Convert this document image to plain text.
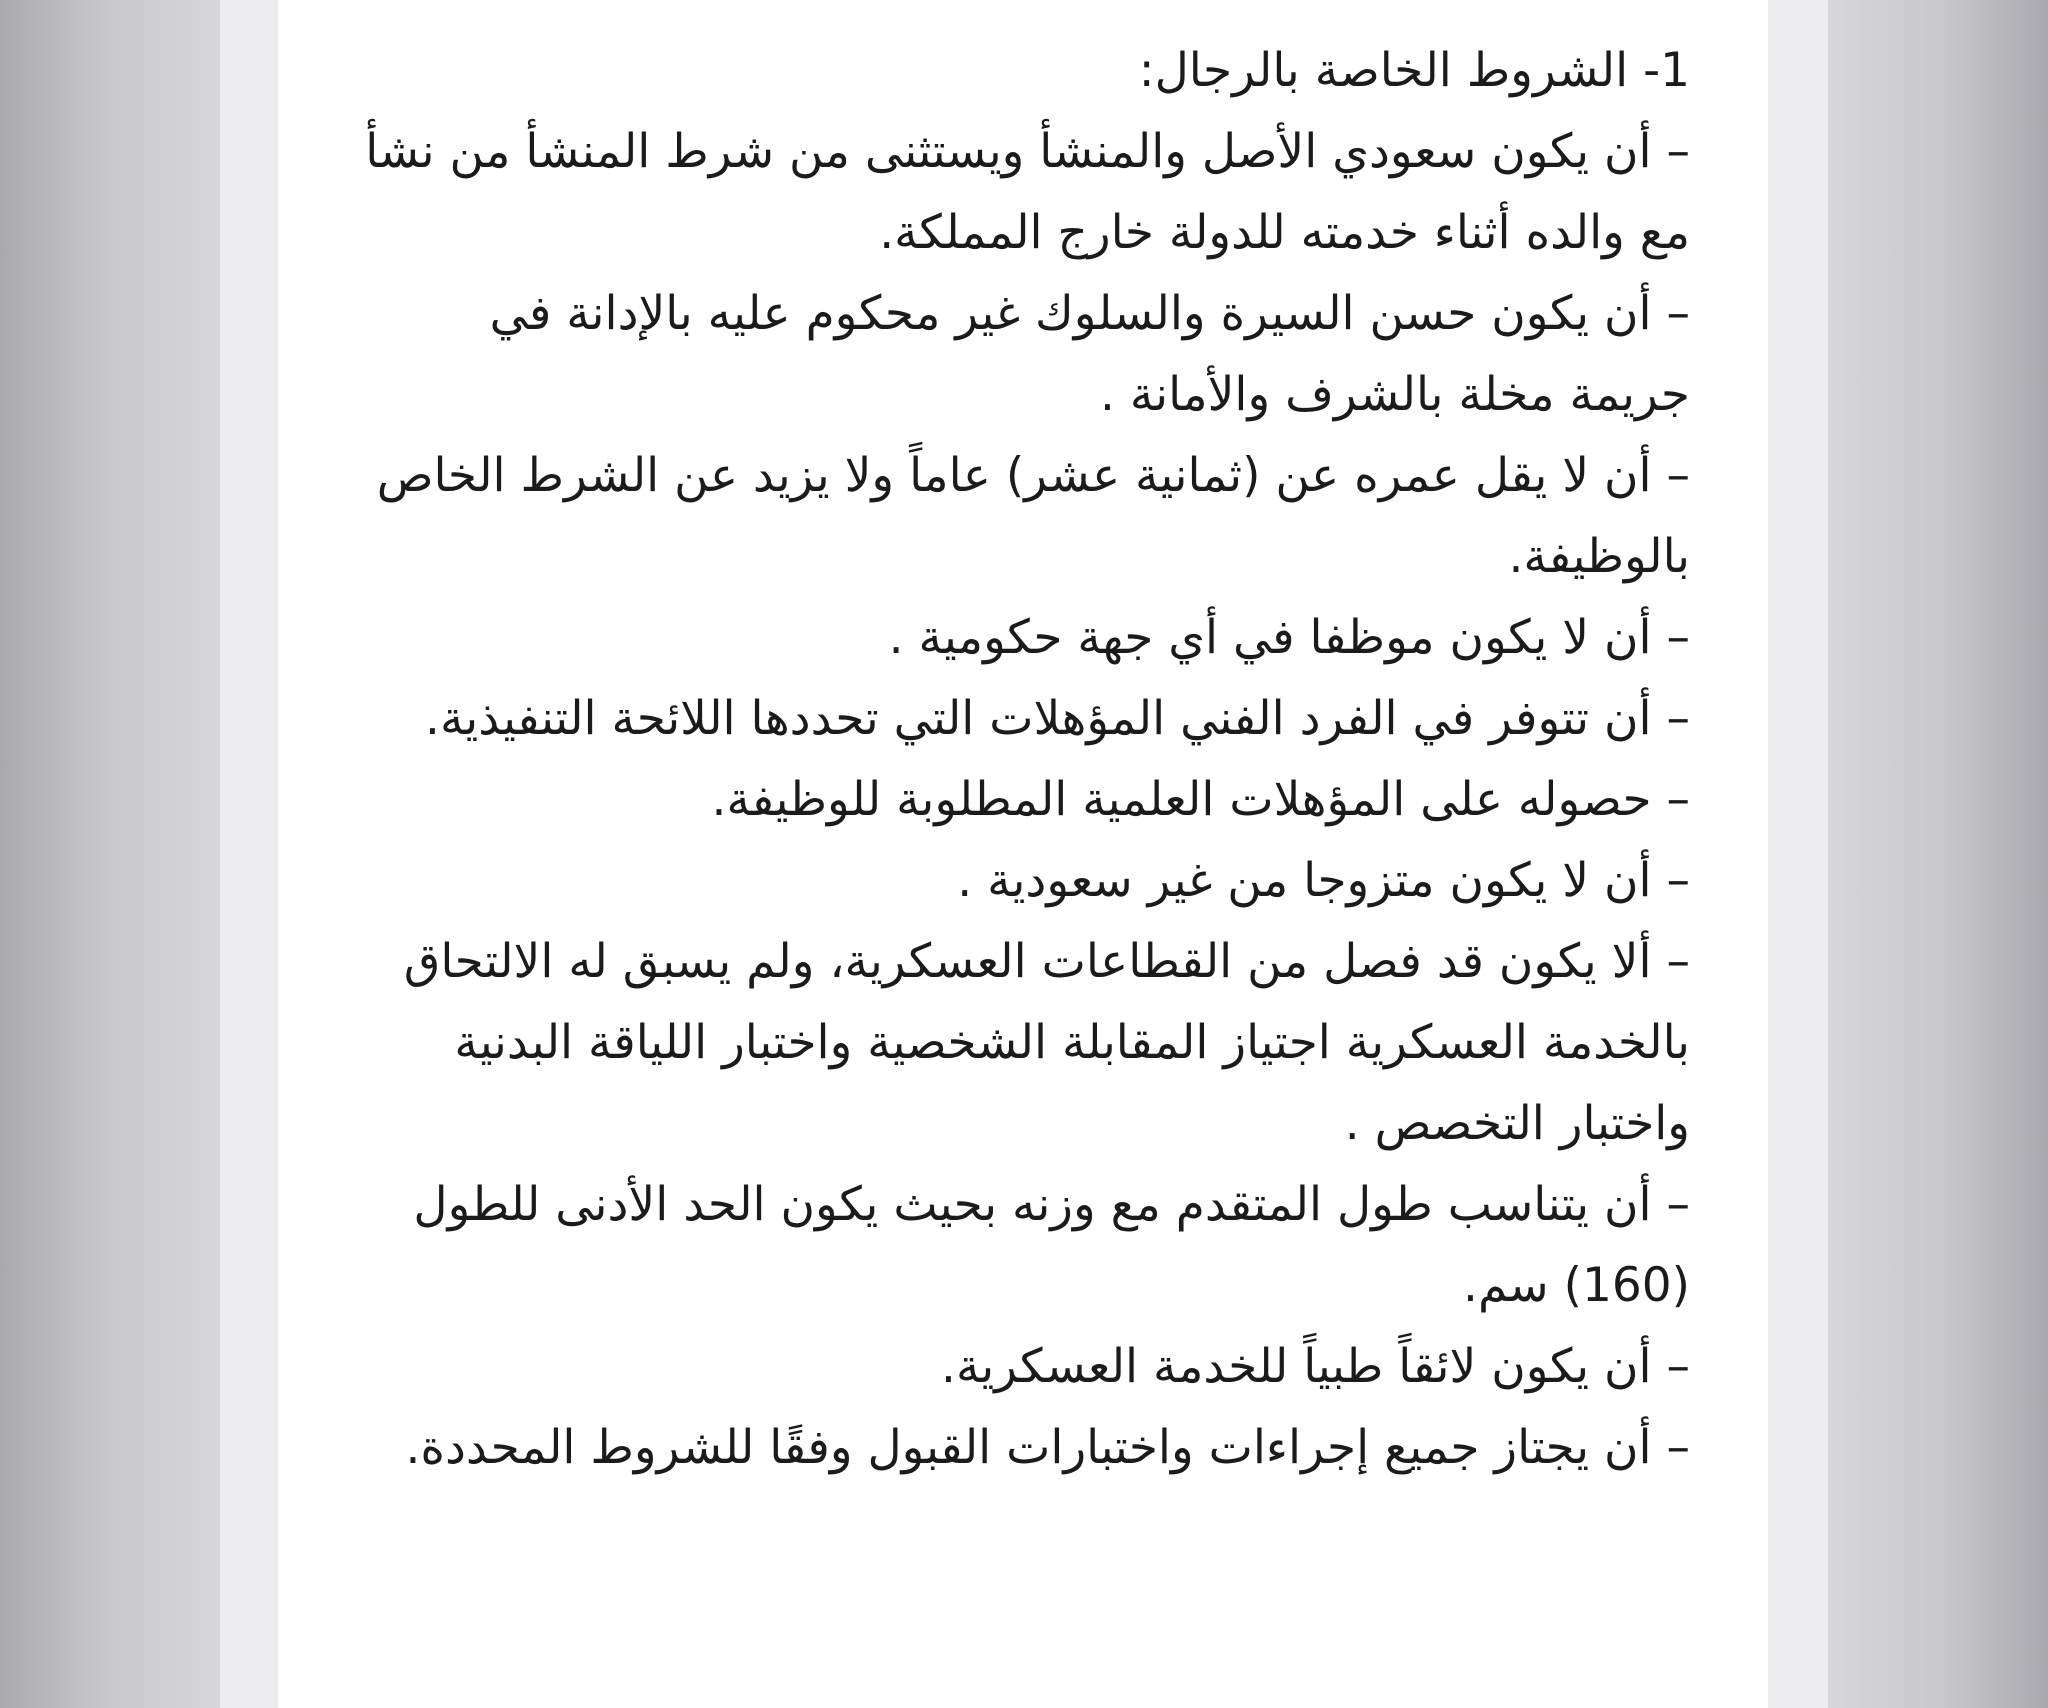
1- الشروط الخاصة بالرجال:

– أن يكون سعودي الأصل والمنشأ ويستثنى من شرط المنشأ من نشأ مع والده أثناء خدمته للدولة خارج المملكة.

– أن يكون حسن السيرة والسلوك غير محكوم عليه بالإدانة في جريمة مخلة بالشرف والأمانة .

– أن لا يقل عمره عن (ثمانية عشر) عاماً ولا يزيد عن الشرط الخاص بالوظيفة.

– أن لا يكون موظفا في أي جهة حكومية .

– أن تتوفر في الفرد الفني المؤهلات التي تحددها اللائحة التنفيذية.

– حصوله على المؤهلات العلمية المطلوبة للوظيفة.

– أن لا يكون متزوجا من غير سعودية .

– ألا يكون قد فصل من القطاعات العسكرية، ولم يسبق له الالتحاق بالخدمة العسكرية اجتياز المقابلة الشخصية واختبار اللياقة البدنية واختبار التخصص .

– أن يتناسب طول المتقدم مع وزنه بحيث يكون الحد الأدنى للطول (160) سم.

– أن يكون لائقاً طبياً للخدمة العسكرية.

– أن يجتاز جميع إجراءات واختبارات القبول وفقًا للشروط المحددة.
